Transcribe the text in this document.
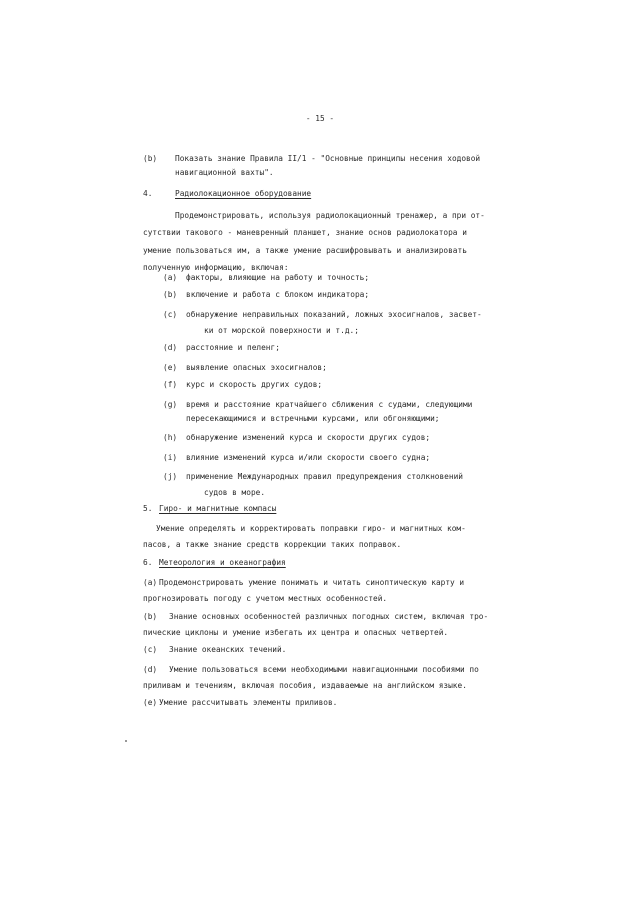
- 15 -
(b) Показать знание Правила II/1 - "Основные принципы несения ходовой
навигационной вахты".
4.	Радиолокационное оборудование
Продемонстрировать, используя радиолокационный тренажер, а при от-
сутствии такового - маневренный планшет, знание основ радиолокатора и
умение пользоваться им, а также умение расшифровывать и анализировать
полученную информацию, включая:
(a) факторы, влияющие на работу и точность;
(b) включение и работа с блоком индикатора;
(c) обнаружение неправильных показаний, ложных эхосигналов, засвет-
ки от морской поверхности и т.д.;
(d) расстояние и пеленг;
(e) выявление опасных эхосигналов;
(f) курс и скорость других судов;
(g) время и расстояние кратчайшего сближения с судами, следующими
пересекающимися и встречными курсами, или обгоняющими;
(h) обнаружение изменений курса и скорости других судов;
(i) влияние изменений курса и/или скорости своего судна;
(j) применение Международных правил предупреждения столкновений
судов в море.
5. Гиро- и магнитные компасы
Умение определять и корректировать поправки гиро- и магнитных ком-
пасов, а также знание средств коррекции таких поправок.
6. Метеорология и океанография
(a) Продемонстрировать умение понимать и читать синоптическую карту и
прогнозировать погоду с учетом местных особенностей.
(b) Знание основных особенностей различных погодных систем, включая тро-
пические циклоны и умение избегать их центра и опасных четвертей.
(c) Знание океанских течений.
(d) Умение пользоваться всеми необходимыми навигационными пособиями по
приливам и течениям, включая пособия, издаваемые на английском языке.
(e) Умение рассчитывать элементы приливов.
